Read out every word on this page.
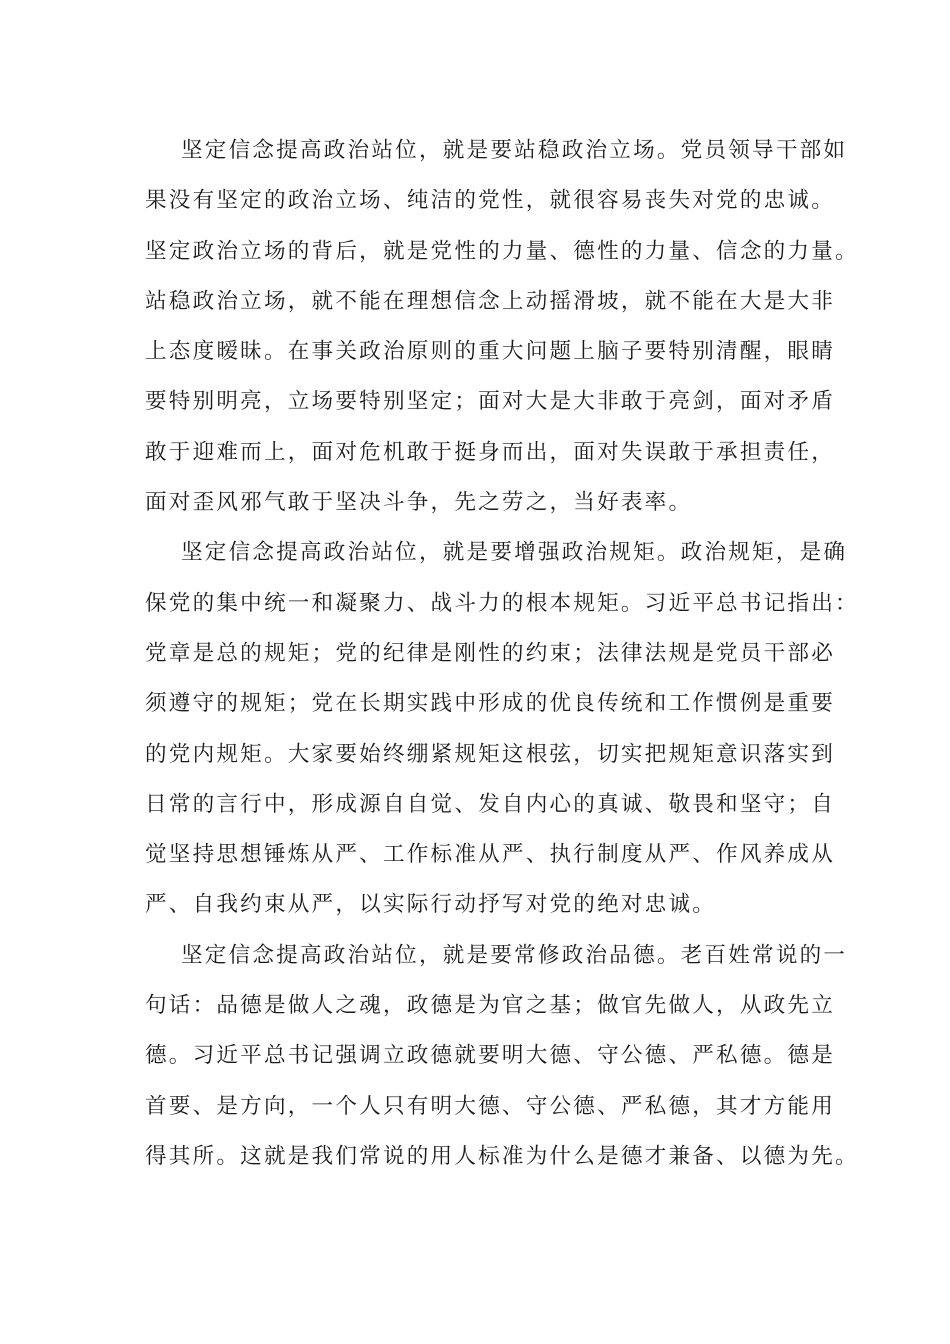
坚定信念提高政治站位，就是要站稳政治立场。党员领导干部如
果没有坚定的政治立场、纯洁的党性，就很容易丧失对党的忠诚。
坚定政治立场的背后，就是党性的力量、德性的力量、信念的力量。
站稳政治立场，就不能在理想信念上动摇滑坡，就不能在大是大非
上态度暧昧。在事关政治原则的重大问题上脑子要特别清醒，眼睛
要特别明亮，立场要特别坚定；面对大是大非敢于亮剑，面对矛盾
敢于迎难而上，面对危机敢于挺身而出，面对失误敢于承担责任，
面对歪风邪气敢于坚决斗争，先之劳之，当好表率。
坚定信念提高政治站位，就是要增强政治规矩。政治规矩，是确
保党的集中统一和凝聚力、战斗力的根本规矩。习近平总书记指出：
党章是总的规矩；党的纪律是刚性的约束；法律法规是党员干部必
须遵守的规矩；党在长期实践中形成的优良传统和工作惯例是重要
的党内规矩。大家要始终绷紧规矩这根弦，切实把规矩意识落实到
日常的言行中，形成源自自觉、发自内心的真诚、敬畏和坚守；自
觉坚持思想锤炼从严、工作标准从严、执行制度从严、作风养成从
严、自我约束从严，以实际行动抒写对党的绝对忠诚。
坚定信念提高政治站位，就是要常修政治品德。老百姓常说的一
句话：品德是做人之魂，政德是为官之基；做官先做人，从政先立
德。习近平总书记强调立政德就要明大德、守公德、严私德。德是
首要、是方向，一个人只有明大德、守公德、严私德，其才方能用
得其所。这就是我们常说的用人标准为什么是德才兼备、以德为先。
